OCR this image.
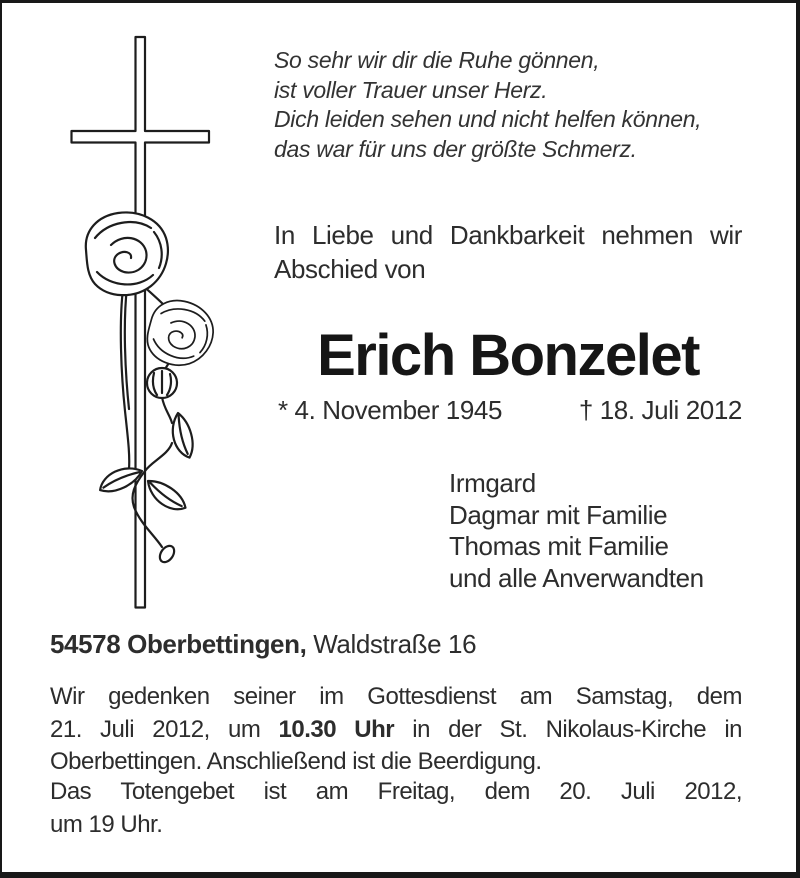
So sehr wir dir die Ruhe gönnen,
ist voller Trauer unser Herz.
Dich leiden sehen und nicht helfen können,
das war für uns der größte Schmerz.
In Liebe und Dankbarkeit nehmen wir
Abschied von
Erich Bonzelet
* 4. November 1945	† 18. Juli 2012
Irmgard
Dagmar mit Familie
Thomas mit Familie
und alle Anverwandten
54578 Oberbettingen, Waldstraße 16
Wir gedenken seiner im Gottesdienst am Samstag, dem
21. Juli 2012, um 10.30 Uhr in der St. Nikolaus-Kirche in
Oberbettingen. Anschließend ist die Beerdigung.
Das Totengebet ist am Freitag, dem 20. Juli 2012,
um 19 Uhr.
